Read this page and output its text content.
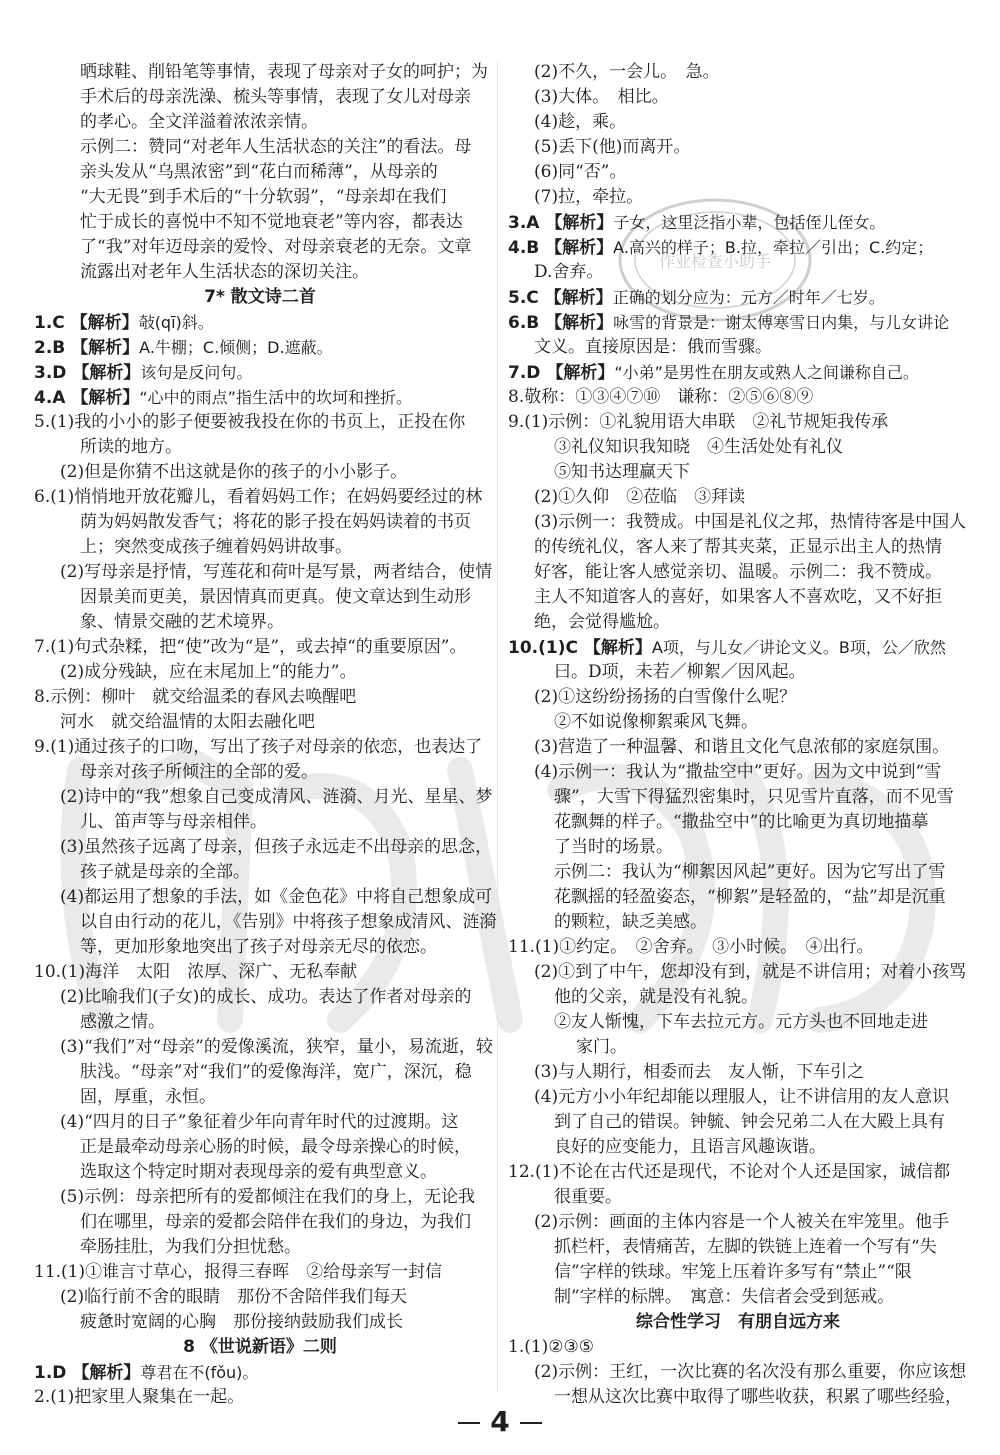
作业检查小助手
晒球鞋、削铅笔等事情，表现了母亲对子女的呵护；为
手术后的母亲洗澡、梳头等事情，表现了女儿对母亲
的孝心。全文洋溢着浓浓亲情。
示例二：赞同“对老年人生活状态的关注”的看法。母
亲头发从“乌黑浓密”到“花白而稀薄”，从母亲的
“大无畏”到手术后的“十分软弱”，“母亲却在我们
忙于成长的喜悦中不知不觉地衰老”等内容，都表达
了“我”对年迈母亲的爱怜、对母亲衰老的无奈。文章
流露出对老年人生活状态的深切关注。
7* 散文诗二首
1.C 【解析】敧(qī)斜。
2.B 【解析】A.牛棚；C.倾侧；D.遮蔽。
3.D 【解析】该句是反问句。
4.A 【解析】“心中的雨点”指生活中的坎坷和挫折。
5.(1)我的小小的影子便要被我投在你的书页上，正投在你
所读的地方。
(2)但是你猜不出这就是你的孩子的小小影子。
6.(1)悄悄地开放花瓣儿，看着妈妈工作；在妈妈要经过的林
荫为妈妈散发香气；将花的影子投在妈妈读着的书页
上；突然变成孩子缠着妈妈讲故事。
(2)写母亲是抒情，写莲花和荷叶是写景，两者结合，使情
因景美而更美，景因情真而更真。使文章达到生动形
象、情景交融的艺术境界。
7.(1)句式杂糅，把“使”改为“是”，或去掉“的重要原因”。
(2)成分残缺，应在末尾加上“的能力”。
8.示例：柳叶　就交给温柔的春风去唤醒吧
河水　就交给温情的太阳去融化吧
9.(1)通过孩子的口吻，写出了孩子对母亲的依恋，也表达了
母亲对孩子所倾注的全部的爱。
(2)诗中的“我”想象自己变成清风、涟漪、月光、星星、梦
儿、笛声等与母亲相伴。
(3)虽然孩子远离了母亲，但孩子永远走不出母亲的思念，
孩子就是母亲的全部。
(4)都运用了想象的手法，如《金色花》中将自己想象成可
以自由行动的花儿，《告别》中将孩子想象成清风、涟漪
等，更加形象地突出了孩子对母亲无尽的依恋。
10.(1)海洋　太阳　浓厚、深广、无私奉献
(2)比喻我们(子女)的成长、成功。表达了作者对母亲的
感激之情。
(3)“我们”对“母亲”的爱像溪流，狭窄，量小，易流逝，较
肤浅。“母亲”对“我们”的爱像海洋，宽广，深沉，稳
固，厚重，永恒。
(4)“四月的日子”象征着少年向青年时代的过渡期。这
正是最牵动母亲心肠的时候，最令母亲操心的时候，
选取这个特定时期对表现母亲的爱有典型意义。
(5)示例：母亲把所有的爱都倾注在我们的身上，无论我
们在哪里，母亲的爱都会陪伴在我们的身边，为我们
牵肠挂肚，为我们分担忧愁。
11.(1)①谁言寸草心，报得三春晖　②给母亲写一封信
(2)临行前不舍的眼睛　那份不舍陪伴我们每天
疲惫时宽阔的心胸　那份接纳鼓励我们成长
8 《世说新语》二则
1.D 【解析】尊君在不(fǒu)。
2.(1)把家里人聚集在一起。
(2)不久，一会儿。　急。
(3)大体。　相比。
(4)趁，乘。
(5)丢下(他)而离开。
(6)同“否”。
(7)拉，牵拉。
3.A 【解析】子女，这里泛指小辈，包括侄儿侄女。
4.B 【解析】A.高兴的样子；B.拉，牵拉／引出；C.约定；
D.舍弃。
5.C 【解析】正确的划分应为：元方／时年／七岁。
6.B 【解析】咏雪的背景是：谢太傅寒雪日内集，与儿女讲论
文义。直接原因是：俄而雪骤。
7.D 【解析】“小弟”是男性在朋友或熟人之间谦称自己。
8.敬称：①③④⑦⑩　谦称：②⑤⑥⑧⑨
9.(1)示例：①礼貌用语大串联　②礼节规矩我传承
③礼仪知识我知晓　④生活处处有礼仪
⑤知书达理赢天下
(2)①久仰　②莅临　③拜读
(3)示例一：我赞成。中国是礼仪之邦，热情待客是中国人
的传统礼仪，客人来了帮其夹菜，正显示出主人的热情
好客，能让客人感觉亲切、温暖。示例二：我不赞成。
主人不知道客人的喜好，如果客人不喜欢吃，又不好拒
绝，会觉得尴尬。
10.(1)C 【解析】A项，与儿女／讲论文义。B项，公／欣然
曰。D项，未若／柳絮／因风起。
(2)①这纷纷扬扬的白雪像什么呢？
②不如说像柳絮乘风飞舞。
(3)营造了一种温馨、和谐且文化气息浓郁的家庭氛围。
(4)示例一：我认为“撒盐空中”更好。因为文中说到“雪
骤”，大雪下得猛烈密集时，只见雪片直落，而不见雪
花飘舞的样子。“撒盐空中”的比喻更为真切地描摹
了当时的场景。
示例二：我认为“柳絮因风起”更好。因为它写出了雪
花飘摇的轻盈姿态，“柳絮”是轻盈的，“盐”却是沉重
的颗粒，缺乏美感。
11.(1)①约定。　②舍弃。　③小时候。　④出行。
(2)①到了中午，您却没有到，就是不讲信用；对着小孩骂
他的父亲，就是没有礼貌。
②友人惭愧，下车去拉元方。元方头也不回地走进
家门。
(3)与人期行，相委而去　友人惭，下车引之
(4)元方小小年纪却能以理服人，让不讲信用的友人意识
到了自己的错误。钟毓、钟会兄弟二人在大殿上具有
良好的应变能力，且语言风趣诙谐。
12.(1)不论在古代还是现代，不论对个人还是国家，诚信都
很重要。
(2)示例：画面的主体内容是一个人被关在牢笼里。他手
抓栏杆，表情痛苦，左脚的铁链上连着一个写有“失
信”字样的铁球。牢笼上压着许多写有“禁止”“限
制”字样的标牌。　寓意：失信者会受到惩戒。
综合性学习　有朋自远方来
1.(1)②③⑤
(2)示例：王红，一次比赛的名次没有那么重要，你应该想
一想从这次比赛中取得了哪些收获，积累了哪些经验，
4
